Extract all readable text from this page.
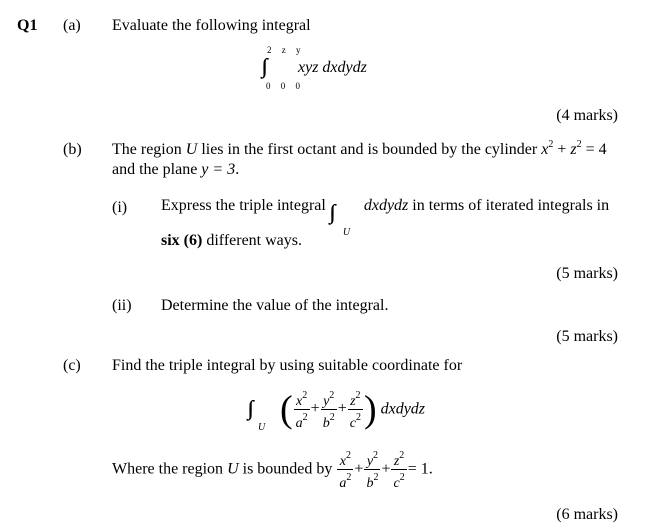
Q1 (a) Evaluate the following integral
2 z y
xyz dxdydz
0 0 0
(4 marks)
(b) The region U lies in the first octant and is bounded by the cylinder $x^2 + z^2 = 4$
and the plane y = 3.
(i) Express the triple integral
U
dxdydz in terms of iterated integrals in
six (6) different ways.
(5 marks)
(ii) Determine the value of the integral.
(5 marks)
(c) Find the triple integral by using suitable coordinate for
U ( $\frac{x^2}{a^2} + \frac{y^2}{b^2} + \frac{z^2}{c^2}$ ) dxdydz
Where the region U is bounded by $\frac{x^2}{a^2} + \frac{y^2}{b^2} + \frac{z^2}{c^2} = 1$.
(6 marks)
